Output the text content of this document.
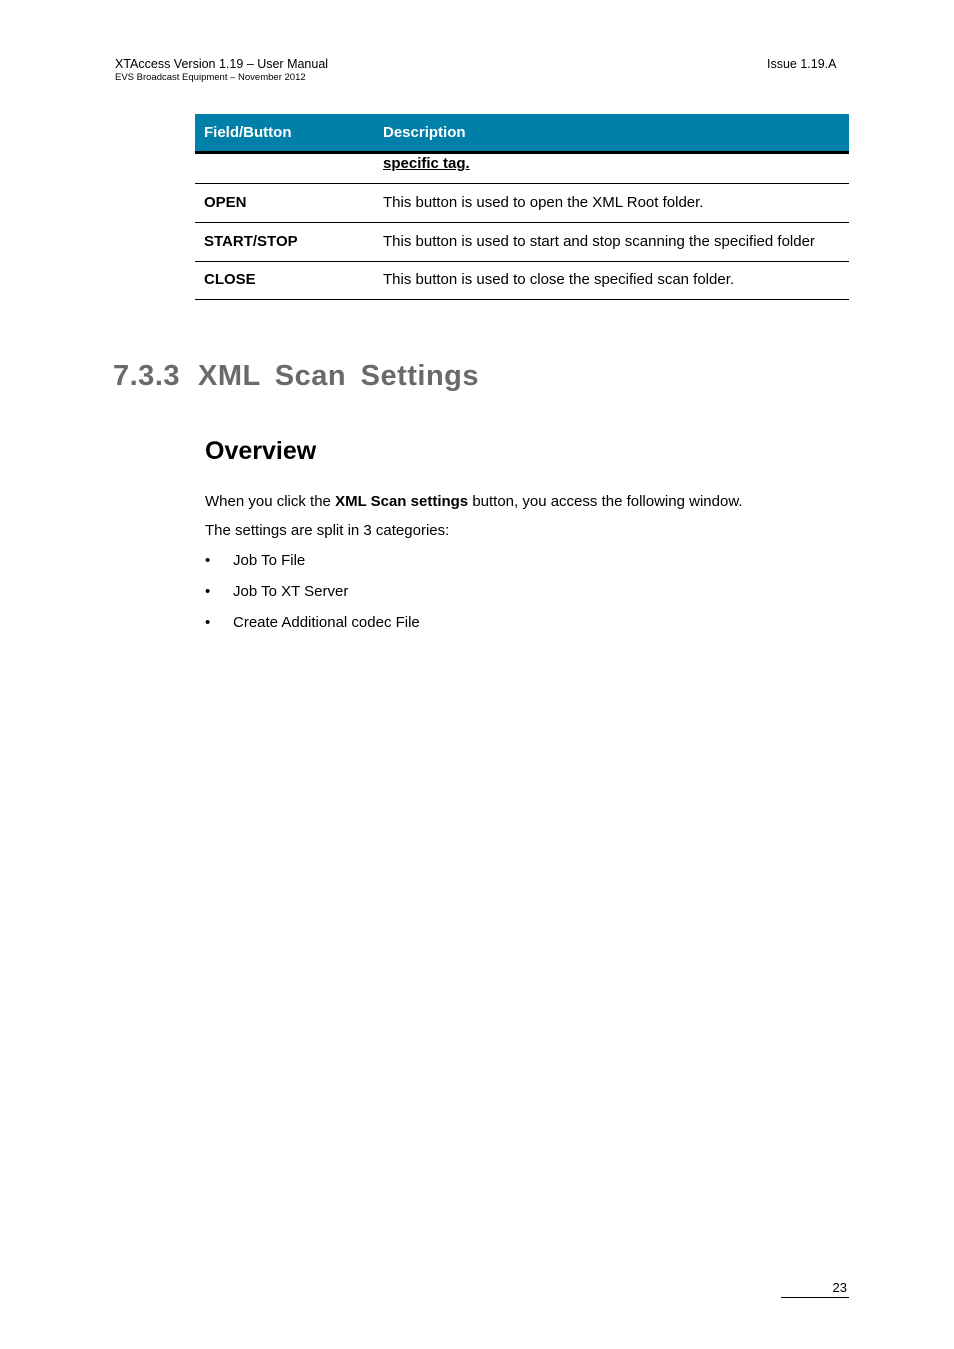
XTAccess Version 1.19 – User Manual
EVS Broadcast Equipment – November 2012
Issue 1.19.A
Field/Button	Description
	specific tag.
OPEN	This button is used to open the XML Root folder.
START/STOP	This button is used to start and stop scanning the specified folder
CLOSE	This button is used to close the specified scan folder.
7.3.3 XML Scan Settings
Overview
When you click the XML Scan settings button, you access the following window.
The settings are split in 3 categories:
•	Job To File
•	Job To XT Server
•	Create Additional codec File
23
